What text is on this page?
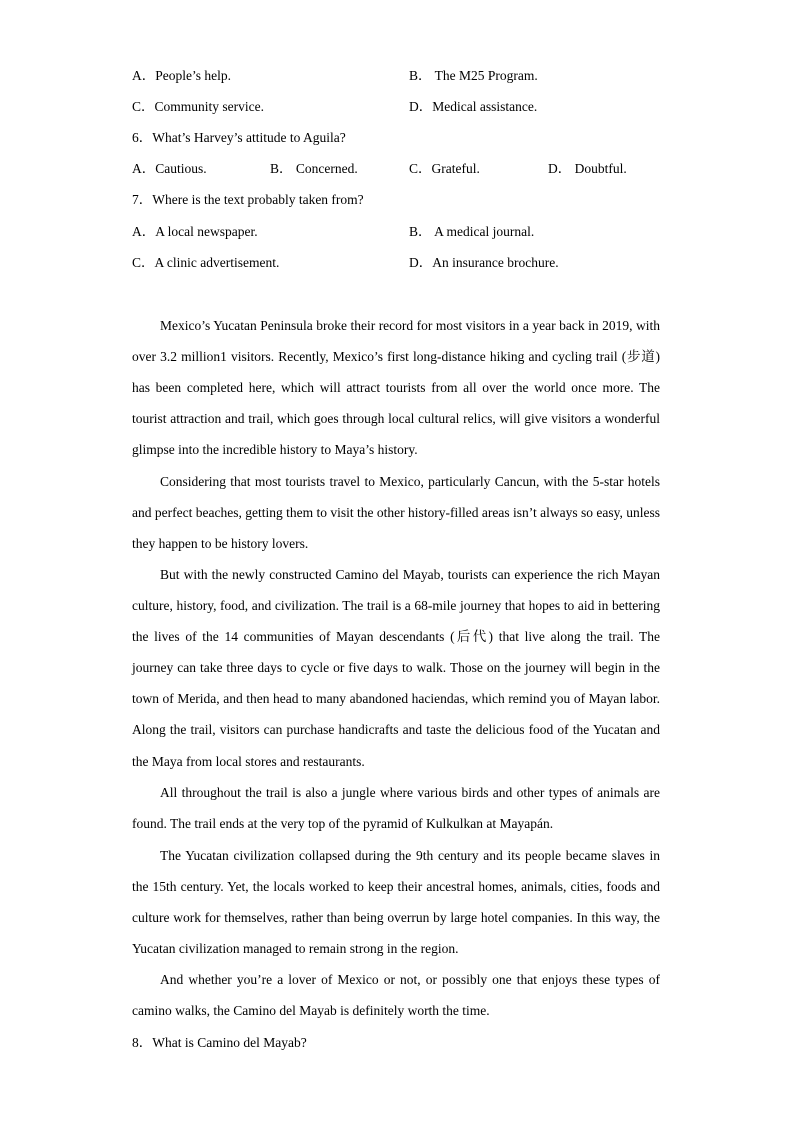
A．People’s help.	B． The M25 Program.
C．Community service.	D．Medical assistance.
6．What’s Harvey’s attitude to Aguila?
A．Cautious.	B． Concerned.	C．Grateful.	D． Doubtful.
7．Where is the text probably taken from?
A．A local newspaper.	B． A medical journal.
C．A clinic advertisement.	D．An insurance brochure.
Mexico’s Yucatan Peninsula broke their record for most visitors in a year back in 2019, with over 3.2 million1 visitors. Recently, Mexico’s first long-distance hiking and cycling trail (步道) has been completed here, which will attract tourists from all over the world once more. The tourist attraction and trail, which goes through local cultural relics, will give visitors a wonderful glimpse into the incredible history to Maya’s history.
Considering that most tourists travel to Mexico, particularly Cancun, with the 5-star hotels and perfect beaches, getting them to visit the other history-filled areas isn’t always so easy, unless they happen to be history lovers.
But with the newly constructed Camino del Mayab, tourists can experience the rich Mayan culture, history, food, and civilization. The trail is a 68-mile journey that hopes to aid in bettering the lives of the 14 communities of Mayan descendants (后代) that live along the trail. The journey can take three days to cycle or five days to walk. Those on the journey will begin in the town of Merida, and then head to many abandoned haciendas, which remind you of Mayan labor. Along the trail, visitors can purchase handicrafts and taste the delicious food of the Yucatan and the Maya from local stores and restaurants.
All throughout the trail is also a jungle where various birds and other types of animals are found. The trail ends at the very top of the pyramid of Kulkulkan at Mayapán.
The Yucatan civilization collapsed during the 9th century and its people became slaves in the 15th century. Yet, the locals worked to keep their ancestral homes, animals, cities, foods and culture work for themselves, rather than being overrun by large hotel companies. In this way, the Yucatan civilization managed to remain strong in the region.
And whether you’re a lover of Mexico or not, or possibly one that enjoys these types of camino walks, the Camino del Mayab is definitely worth the time.
8．What is Camino del Mayab?
